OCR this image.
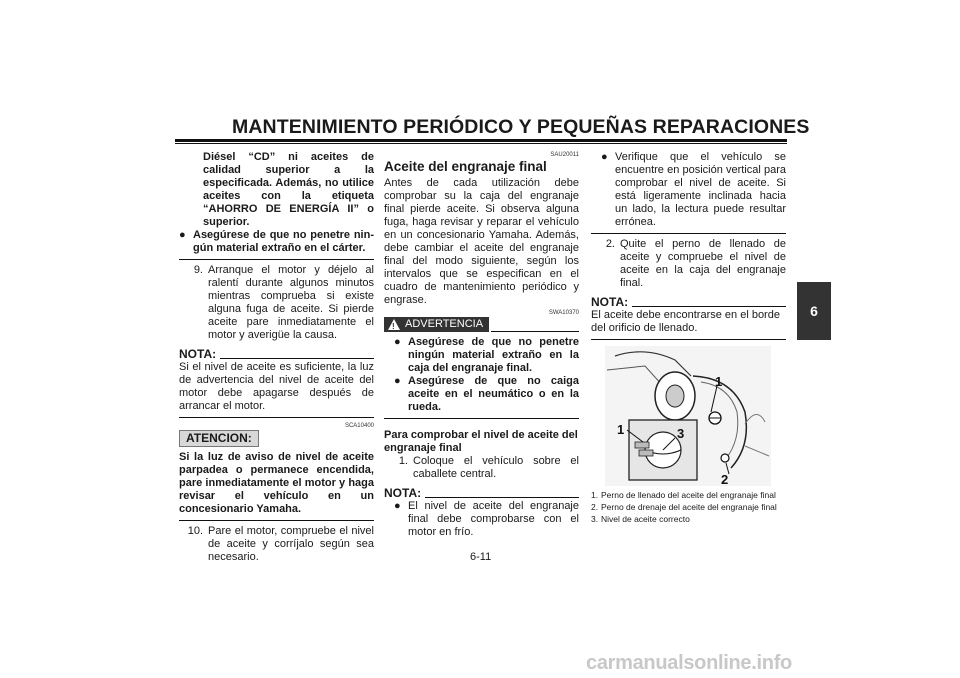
MANTENIMIENTO PERIÓDICO Y PEQUEÑAS REPARACIONES
6
Diésel “CD” ni aceites de calidad superior a la especificada. Además, no utilice aceites con la etiqueta “AHORRO DE ENERGÍA II” o superior.
● Asegúrese de que no penetre ningún material extraño en el cárter.
9. Arranque el motor y déjelo al ralentí durante algunos minutos mientras comprueba si existe alguna fuga de aceite. Si pierde aceite pare inmediatamente el motor y averigüe la causa.
NOTA:
Si el nivel de aceite es suficiente, la luz de advertencia del nivel de aceite del motor debe apagarse después de arrancar el motor.
SCA10400
ATENCION:
Si la luz de aviso de nivel de aceite parpadea o permanece encendida, pare inmediatamente el motor y haga revisar el vehículo en un concesionario Yamaha.
10. Pare el motor, compruebe el nivel de aceite y corríjalo según sea necesario.
SAU20011
Aceite del engranaje final
Antes de cada utilización debe comprobar su la caja del engranaje final pierde aceite. Si observa alguna fuga, haga revisar y reparar el vehículo en un concesionario Yamaha. Además, debe cambiar el aceite del engranaje final del modo siguiente, según los intervalos que se especifican en el cuadro de mantenimiento periódico y engrase.
SWA10370
!
ADVERTENCIA
● Asegúrese de que no penetre ningún material extraño en la caja del engranaje final.
● Asegúrese de que no caiga aceite en el neumático o en la rueda.
Para comprobar el nivel de aceite del engranaje final
1. Coloque el vehículo sobre el caballete central.
NOTA:
● El nivel de aceite del engranaje final debe comprobarse con el motor en frío.
● Verifique que el vehículo se encuentre en posición vertical para comprobar el nivel de aceite. Si está ligeramente inclinada hacia un lado, la lectura puede resultar errónea.
2. Quite el perno de llenado de aceite y compruebe el nivel de aceite en la caja del engranaje final.
NOTA:
El aceite debe encontrarse en el borde del orificio de llenado.
1
1	3
2
1. Perno de llenado del aceite del engranaje final
2. Perno de drenaje del aceite del engranaje final
3. Nivel de aceite correcto
6-11
carmanualsonline.info
